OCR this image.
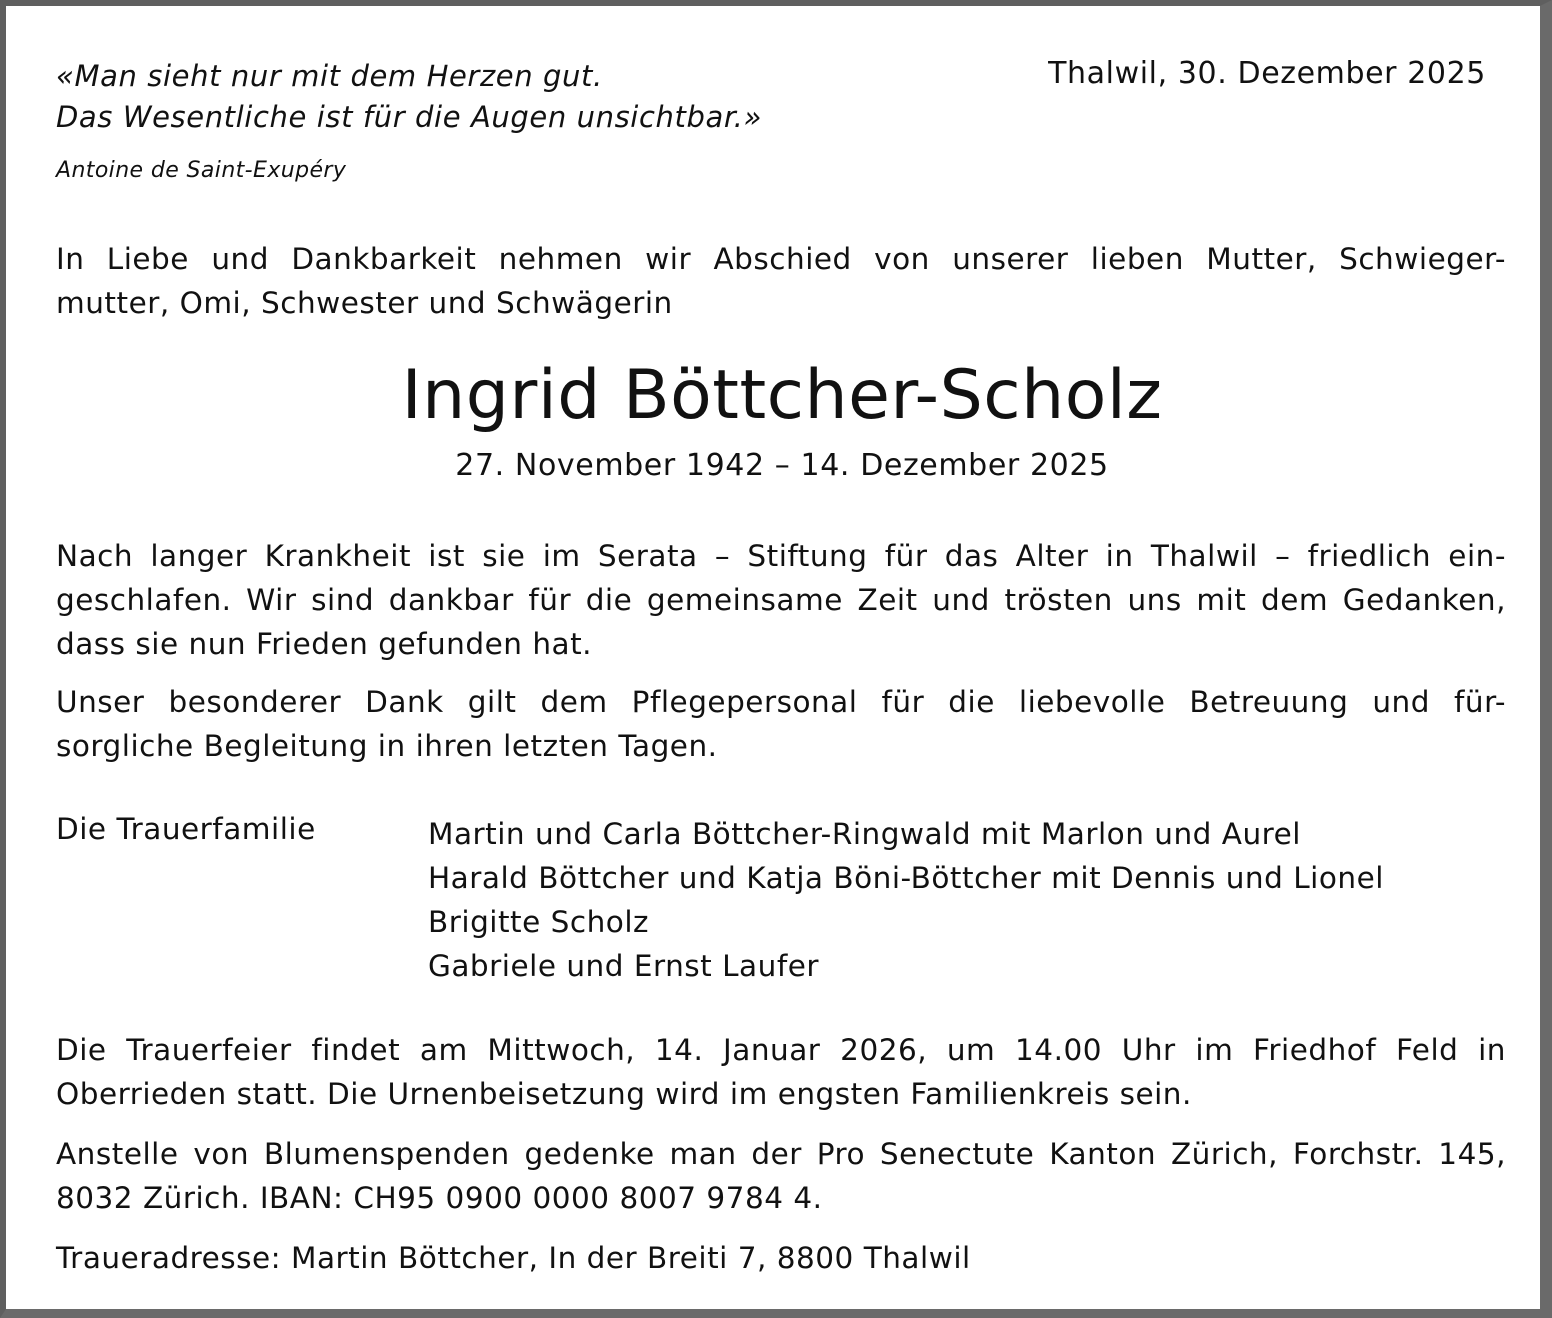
«Man sieht nur mit dem Herzen gut.
Das Wesentliche ist für die Augen unsichtbar.»
Antoine de Saint-Exupéry
Thalwil, 30. Dezember 2025
In Liebe und Dankbarkeit nehmen wir Abschied von unserer lieben Mutter, Schwieger-
mutter, Omi, Schwester und Schwägerin
Ingrid Böttcher-Scholz
27. November 1942 – 14. Dezember 2025
Nach langer Krankheit ist sie im Serata – Stiftung für das Alter in Thalwil – friedlich ein-
geschlafen. Wir sind dankbar für die gemeinsame Zeit und trösten uns mit dem Gedanken,
dass sie nun Frieden gefunden hat.
Unser besonderer Dank gilt dem Pflegepersonal für die liebevolle Betreuung und für-
sorgliche Begleitung in ihren letzten Tagen.
Die Trauerfamilie	Martin und Carla Böttcher-Ringwald mit Marlon und Aurel
Harald Böttcher und Katja Böni-Böttcher mit Dennis und Lionel
Brigitte Scholz
Gabriele und Ernst Laufer
Die Trauerfeier findet am Mittwoch, 14. Januar 2026, um 14.00 Uhr im Friedhof Feld in
Oberrieden statt. Die Urnenbeisetzung wird im engsten Familienkreis sein.
Anstelle von Blumenspenden gedenke man der Pro Senectute Kanton Zürich, Forchstr. 145,
8032 Zürich. IBAN: CH95 0900 0000 8007 9784 4.
Traueradresse: Martin Böttcher, In der Breiti 7, 8800 Thalwil
